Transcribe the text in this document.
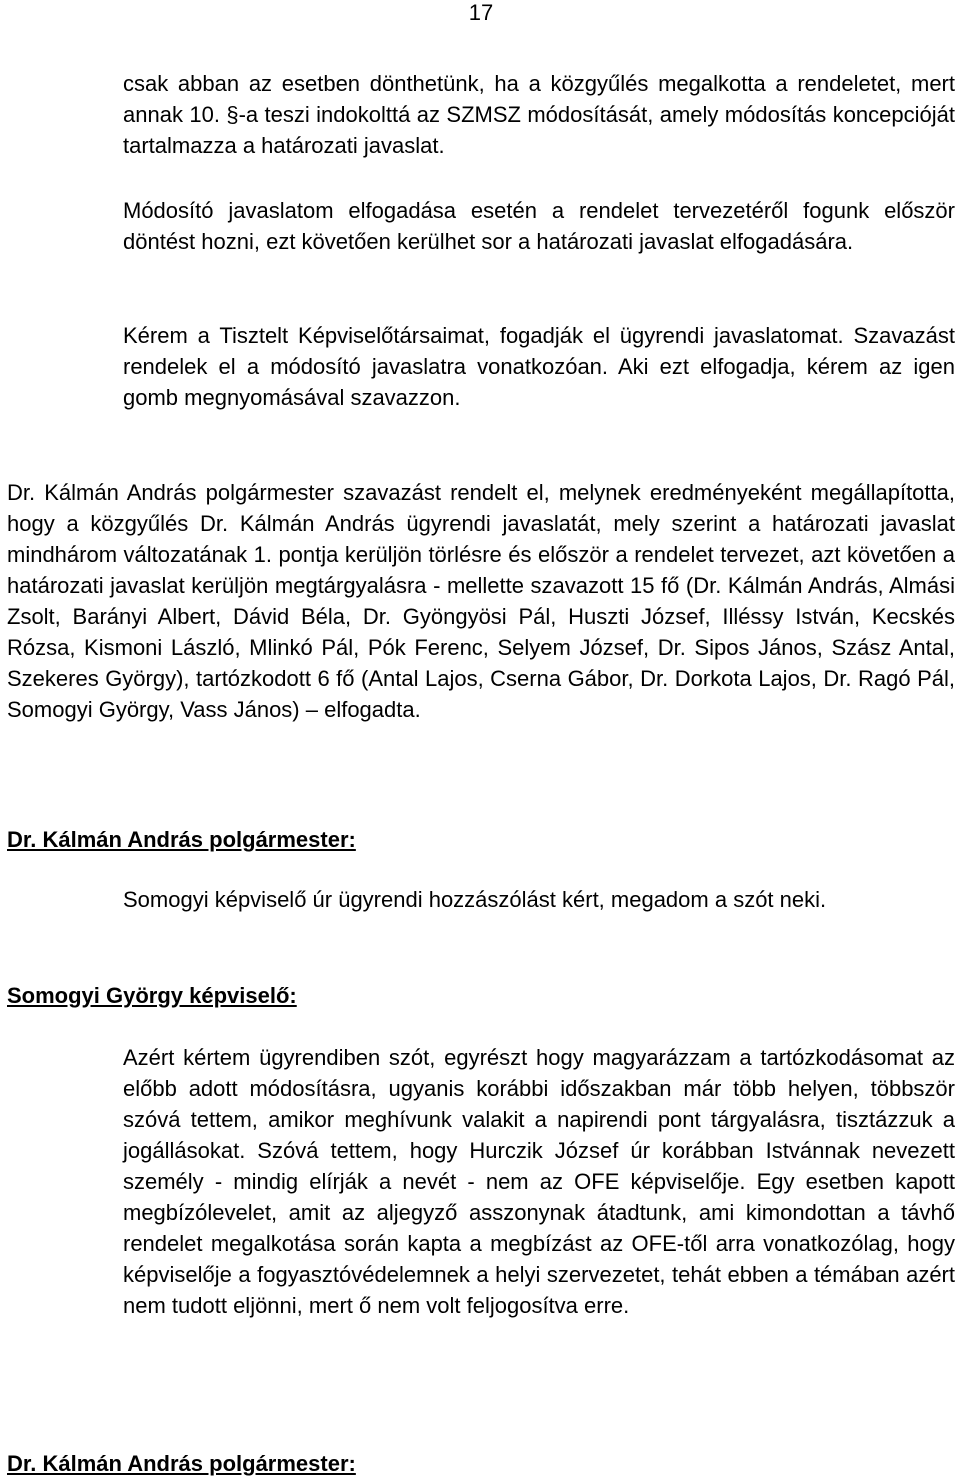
17

csak abban az esetben dönthetünk, ha a közgyűlés megalkotta a rendeletet, mert annak 10. §-a teszi indokolttá az SZMSZ módosítását, amely módosítás koncepcióját tartalmazza a határozati javaslat.

Módosító javaslatom elfogadása esetén a rendelet tervezetéről fogunk először döntést hozni, ezt követően kerülhet sor a határozati javaslat elfogadására.

Kérem a Tisztelt Képviselőtársaimat, fogadják el ügyrendi javaslatomat. Szavazást rendelek el a módosító javaslatra vonatkozóan. Aki ezt elfogadja, kérem az igen gomb megnyomásával szavazzon.

Dr. Kálmán András polgármester szavazást rendelt el, melynek eredményeként megállapította, hogy a közgyűlés Dr. Kálmán András ügyrendi javaslatát, mely szerint a határozati javaslat mindhárom változatának 1. pontja kerüljön törlésre és először a rendelet tervezet, azt követően a határozati javaslat kerüljön megtárgyalásra - mellette szavazott 15 fő (Dr. Kálmán András, Almási Zsolt, Barányi Albert, Dávid Béla, Dr. Gyöngyösi Pál, Huszti József, Illéssy István, Kecskés Rózsa, Kismoni László, Mlinkó Pál, Pók Ferenc, Selyem József, Dr. Sipos János, Szász Antal, Szekeres György), tartózkodott 6 fő (Antal Lajos, Cserna Gábor, Dr. Dorkota Lajos, Dr. Ragó Pál, Somogyi György, Vass János) – elfogadta.

Dr. Kálmán András polgármester:

Somogyi képviselő úr ügyrendi hozzászólást kért, megadom a szót neki.

Somogyi György képviselő:

Azért kértem ügyrendiben szót, egyrészt hogy magyarázzam a tartózkodásomat az előbb adott módosításra, ugyanis korábbi időszakban már több helyen, többször szóvá tettem, amikor meghívunk valakit a napirendi pont tárgyalásra, tisztázzuk a jogállásokat. Szóvá tettem, hogy Hurczik József úr korábban Istvánnak nevezett személy - mindig elírják a nevét - nem az OFE képviselője. Egy esetben kapott megbízólevelet, amit az aljegyző asszonynak átadtunk, ami kimondottan a távhő rendelet megalkotása során kapta a megbízást az OFE-től arra vonatkozólag, hogy képviselője a fogyasztóvédelemnek a helyi szervezetet, tehát ebben a témában azért nem tudott eljönni, mert ő nem volt feljogosítva erre.

Dr. Kálmán András polgármester:
